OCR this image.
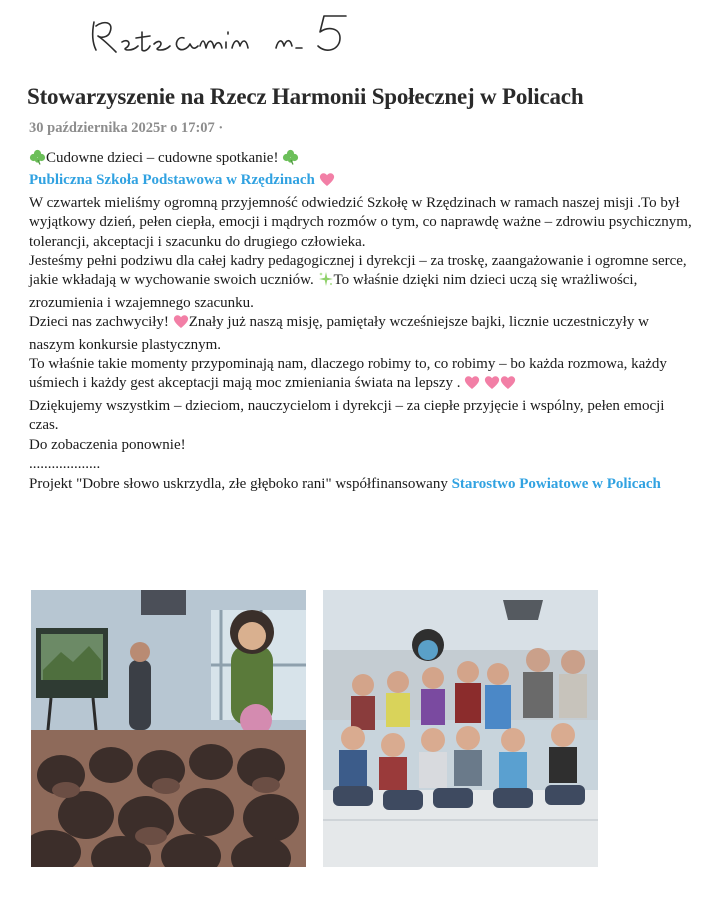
Stowarzyszenie na Rzecz Harmonii Społecznej w Policach
30 października 2025r o 17:07 ·

Cudowne dzieci – cudowne spotkanie!

Publiczna Szkoła Podstawowa w Rzędzinach

W czwartek mieliśmy ogromną przyjemność odwiedzić Szkołę w Rzędzinach w ramach naszej misji .To był wyjątkowy dzień, pełen ciepła, emocji i mądrych rozmów o tym, co naprawdę ważne – zdrowiu psychicznym, tolerancji, akceptacji i szacunku do drugiego człowieka.

Jesteśmy pełni podziwu dla całej kadry pedagogicznej i dyrekcji – za troskę, zaangażowanie i ogromne serce, jakie wkładają w wychowanie swoich uczniów. To właśnie dzięki nim dzieci uczą się wrażliwości, zrozumienia i wzajemnego szacunku.

Dzieci nas zachwyciły! Znały już naszą misję, pamiętały wcześniejsze bajki, licznie uczestniczyły w naszym konkursie plastycznym.

To właśnie takie momenty przypominają nam, dlaczego robimy to, co robimy – bo każda rozmowa, każdy uśmiech i każdy gest akceptacji mają moc zmieniania świata na lepszy .

Dziękujemy wszystkim – dzieciom, nauczycielom i dyrekcji – za ciepłe przyjęcie i wspólny, pełen emocji czas.

Do zobaczenia ponownie!

...................

Projekt "Dobre słowo uskrzydla, złe głęboko rani" współfinansowany Starostwo Powiatowe w Policach
